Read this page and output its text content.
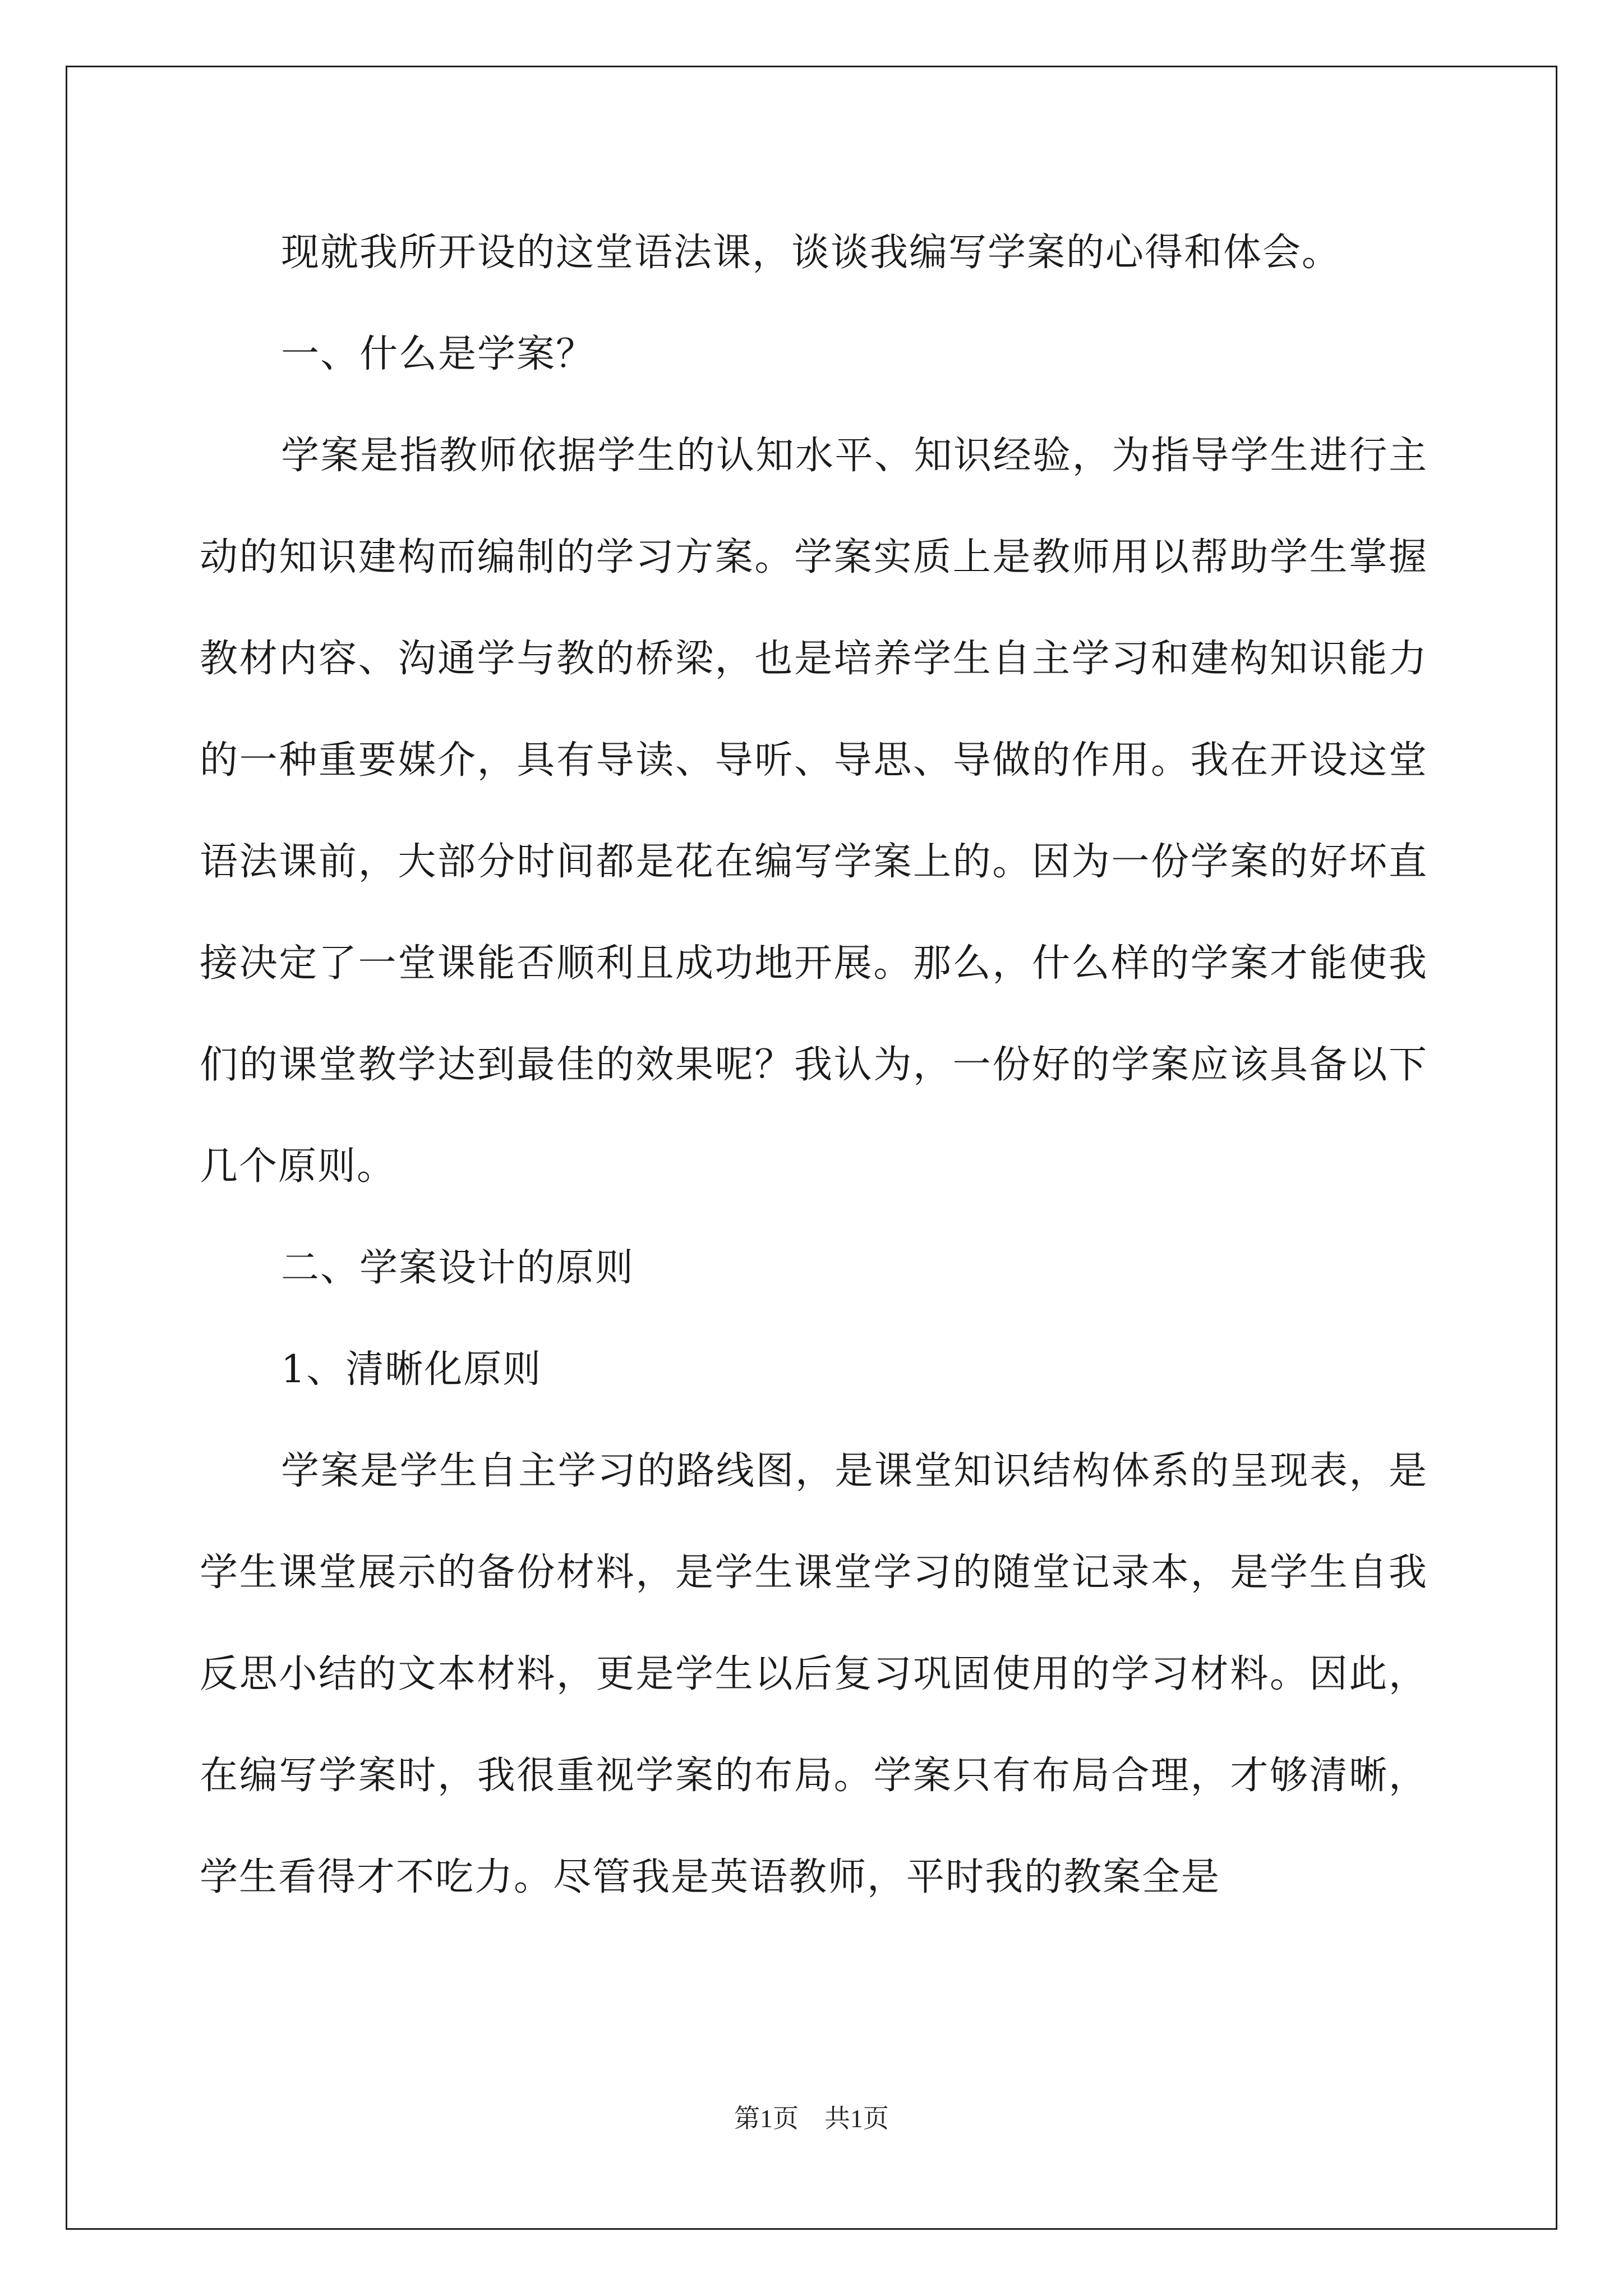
现就我所开设的这堂语法课，谈谈我编写学案的心得和体会。

一、什么是学案？

学案是指教师依据学生的认知水平、知识经验，为指导学生进行主动的知识建构而编制的学习方案。学案实质上是教师用以帮助学生掌握教材内容、沟通学与教的桥梁，也是培养学生自主学习和建构知识能力的一种重要媒介，具有导读、导听、导思、导做的作用。我在开设这堂语法课前，大部分时间都是花在编写学案上的。因为一份学案的好坏直接决定了一堂课能否顺利且成功地开展。那么，什么样的学案才能使我们的课堂教学达到最佳的效果呢？我认为，一份好的学案应该具备以下几个原则。

二、学案设计的原则

1、清晰化原则

学案是学生自主学习的路线图，是课堂知识结构体系的呈现表，是学生课堂展示的备份材料，是学生课堂学习的随堂记录本，是学生自我反思小结的文本材料，更是学生以后复习巩固使用的学习材料。因此，在编写学案时，我很重视学案的布局。学案只有布局合理，才够清晰，学生看得才不吃力。尽管我是英语教师，平时我的教案全是

第1页 共1页
